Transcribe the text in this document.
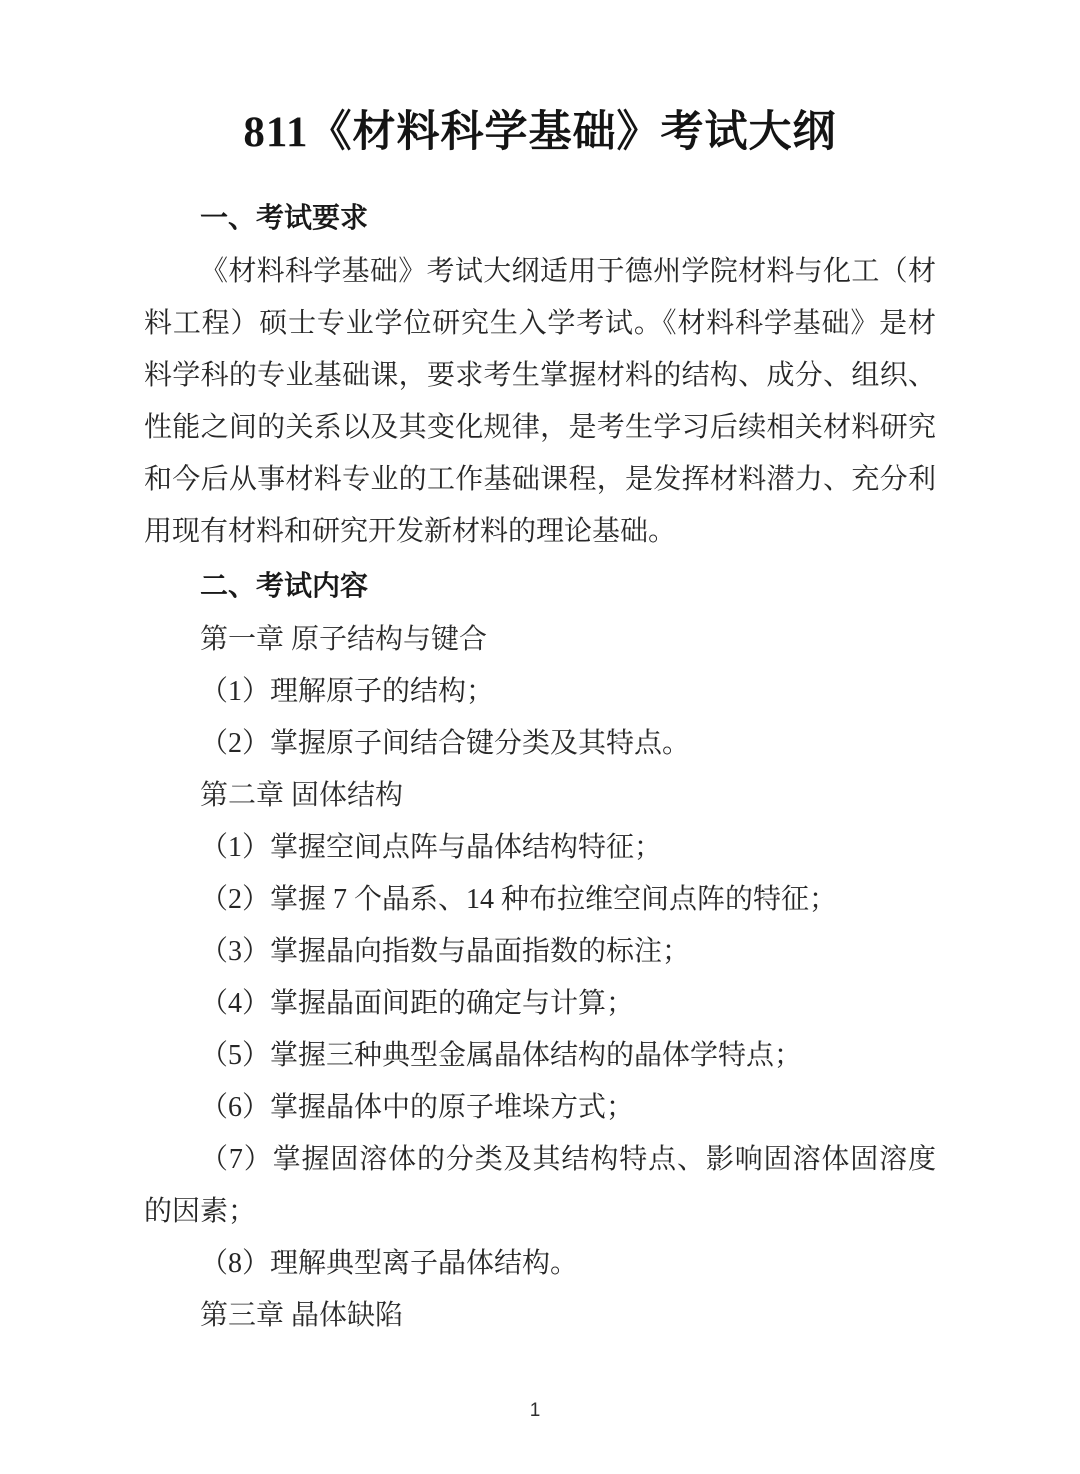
811《材料科学基础》考试大纲
一、考试要求

《材料科学基础》考试大纲适用于德州学院材料与化工（材料工程）硕士专业学位研究生入学考试。《材料科学基础》是材料学科的专业基础课，要求考生掌握材料的结构、成分、组织、性能之间的关系以及其变化规律，是考生学习后续相关材料研究和今后从事材料专业的工作基础课程，是发挥材料潜力、充分利用现有材料和研究开发新材料的理论基础。

二、考试内容

第一章 原子结构与键合

（1）理解原子的结构；

（2）掌握原子间结合键分类及其特点。

第二章 固体结构

（1）掌握空间点阵与晶体结构特征；

（2）掌握 7 个晶系、14 种布拉维空间点阵的特征；

（3）掌握晶向指数与晶面指数的标注；

（4）掌握晶面间距的确定与计算；

（5）掌握三种典型金属晶体结构的晶体学特点；

（6）掌握晶体中的原子堆垛方式；

（7）掌握固溶体的分类及其结构特点、影响固溶体固溶度的因素；

（8）理解典型离子晶体结构。

第三章 晶体缺陷

1
